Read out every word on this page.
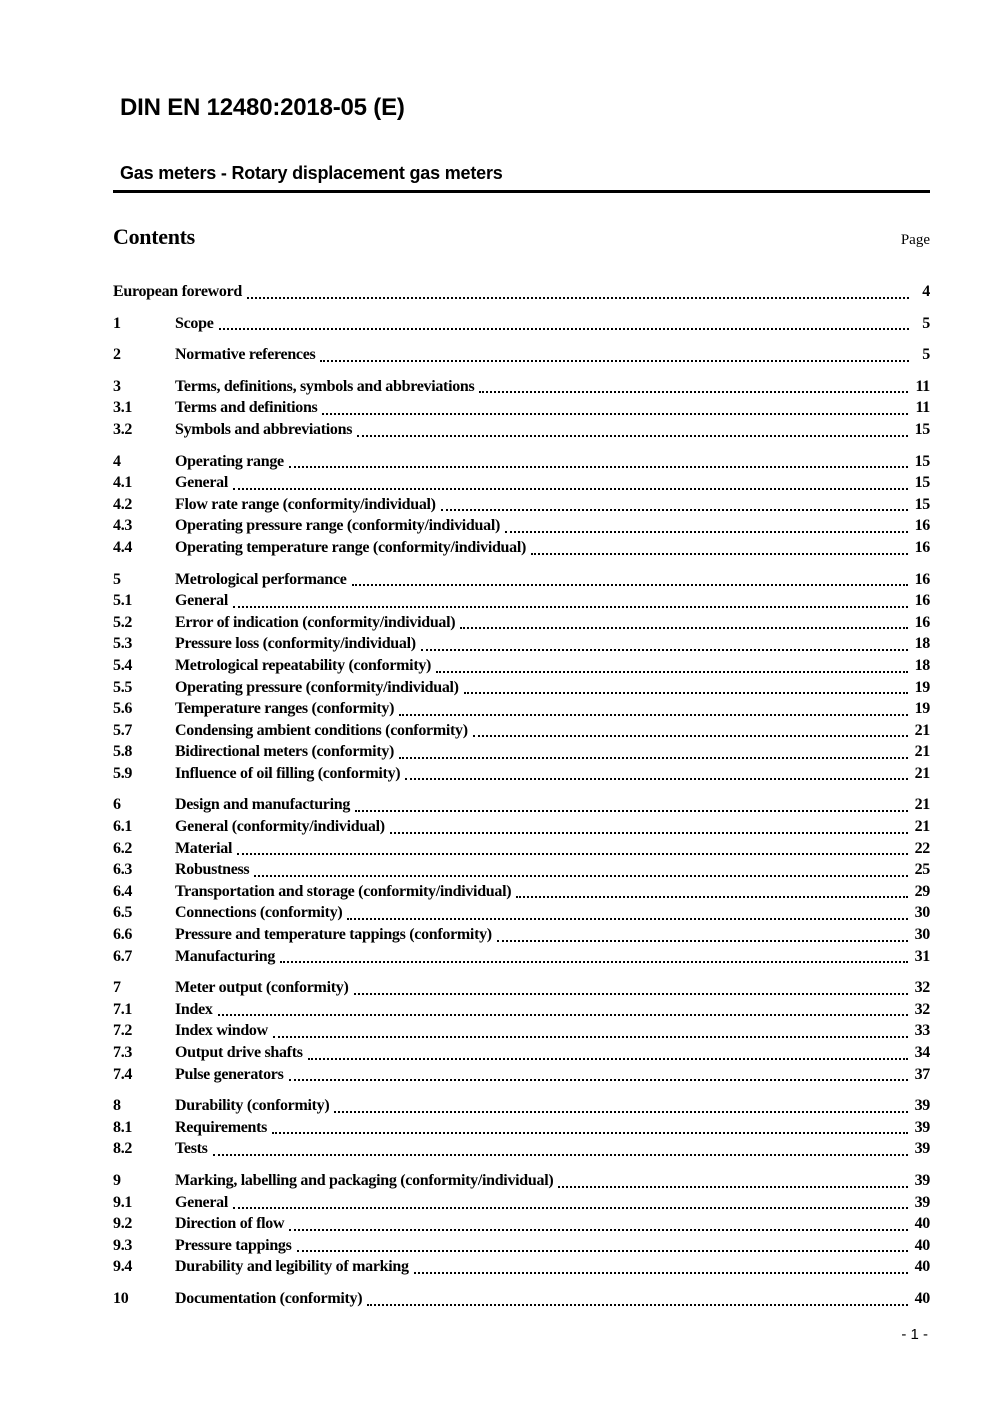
DIN EN 12480:2018-05 (E)
Gas meters - Rotary displacement gas meters
Contents	Page
European foreword	4
1	Scope	5
2	Normative references	5
3	Terms, definitions, symbols and abbreviations	11
3.1	Terms and definitions	11
3.2	Symbols and abbreviations	15
4	Operating range	15
4.1	General	15
4.2	Flow rate range (conformity/individual)	15
4.3	Operating pressure range (conformity/individual)	16
4.4	Operating temperature range (conformity/individual)	16
5	Metrological performance	16
5.1	General	16
5.2	Error of indication (conformity/individual)	16
5.3	Pressure loss (conformity/individual)	18
5.4	Metrological repeatability (conformity)	18
5.5	Operating pressure (conformity/individual)	19
5.6	Temperature ranges (conformity)	19
5.7	Condensing ambient conditions (conformity)	21
5.8	Bidirectional meters (conformity)	21
5.9	Influence of oil filling (conformity)	21
6	Design and manufacturing	21
6.1	General (conformity/individual)	21
6.2	Material	22
6.3	Robustness	25
6.4	Transportation and storage (conformity/individual)	29
6.5	Connections (conformity)	30
6.6	Pressure and temperature tappings (conformity)	30
6.7	Manufacturing	31
7	Meter output (conformity)	32
7.1	Index	32
7.2	Index window	33
7.3	Output drive shafts	34
7.4	Pulse generators	37
8	Durability (conformity)	39
8.1	Requirements	39
8.2	Tests	39
9	Marking, labelling and packaging (conformity/individual)	39
9.1	General	39
9.2	Direction of flow	40
9.3	Pressure tappings	40
9.4	Durability and legibility of marking	40
10	Documentation (conformity)	40
- 1 -
